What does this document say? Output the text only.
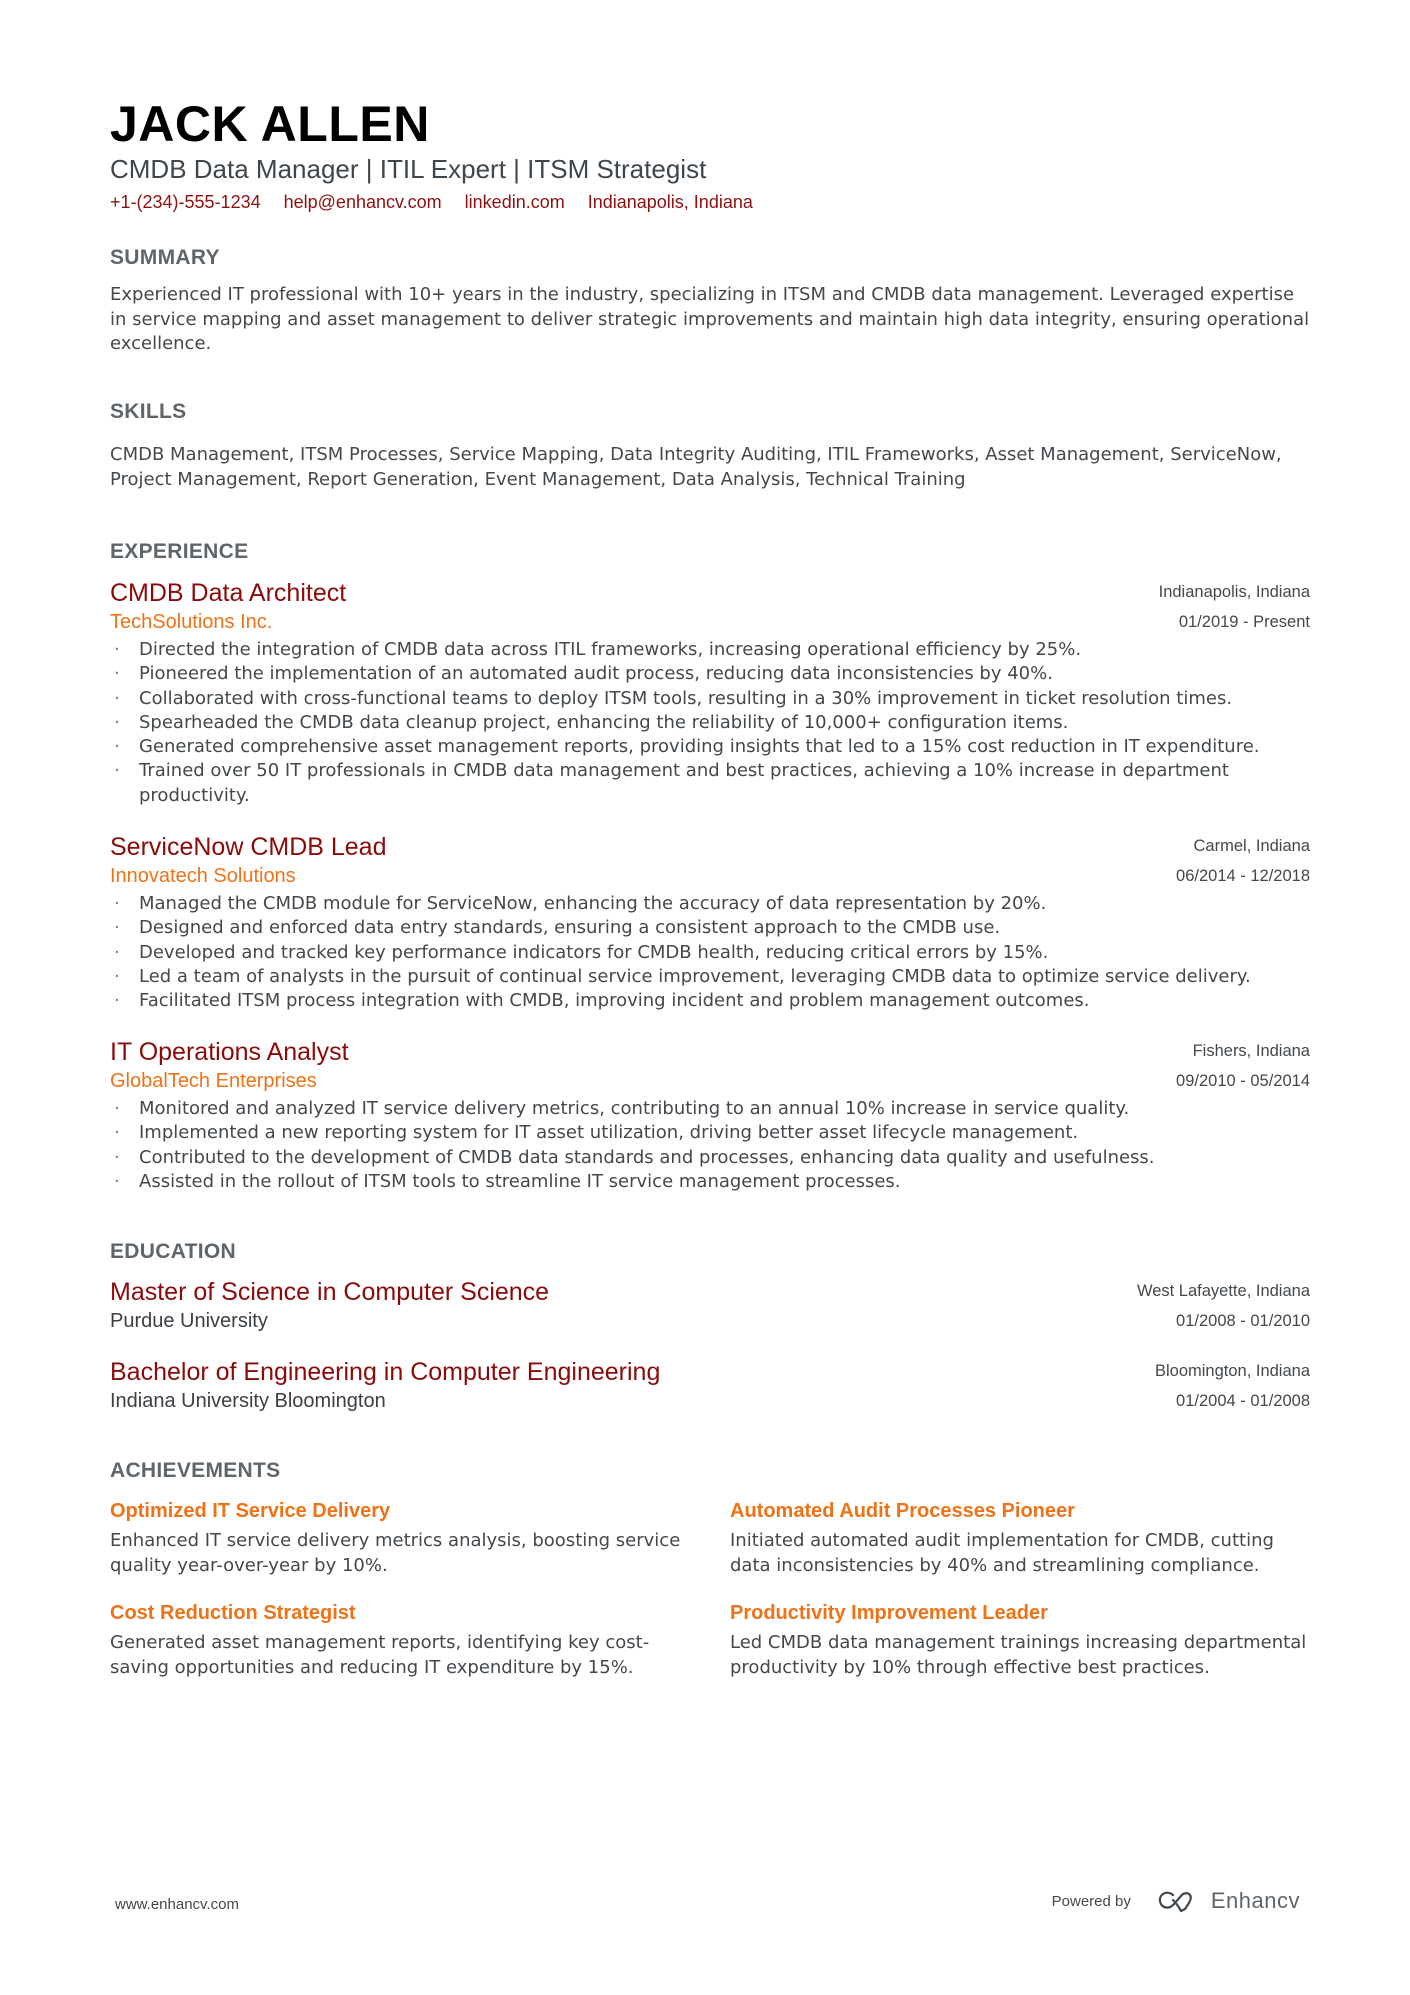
JACK ALLEN
CMDB Data Manager | ITIL Expert | ITSM Strategist
+1-(234)-555-1234 help@enhancv.com linkedin.com Indianapolis, Indiana
SUMMARY
Experienced IT professional with 10+ years in the industry, specializing in ITSM and CMDB data management. Leveraged expertise in service mapping and asset management to deliver strategic improvements and maintain high data integrity, ensuring operational excellence.
SKILLS
CMDB Management, ITSM Processes, Service Mapping, Data Integrity Auditing, ITIL Frameworks, Asset Management, ServiceNow, Project Management, Report Generation, Event Management, Data Analysis, Technical Training
EXPERIENCE
CMDB Data Architect
TechSolutions Inc.
Indianapolis, Indiana
01/2019 - Present
· Directed the integration of CMDB data across ITIL frameworks, increasing operational efficiency by 25%.
· Pioneered the implementation of an automated audit process, reducing data inconsistencies by 40%.
· Collaborated with cross-functional teams to deploy ITSM tools, resulting in a 30% improvement in ticket resolution times.
· Spearheaded the CMDB data cleanup project, enhancing the reliability of 10,000+ configuration items.
· Generated comprehensive asset management reports, providing insights that led to a 15% cost reduction in IT expenditure.
· Trained over 50 IT professionals in CMDB data management and best practices, achieving a 10% increase in department productivity.
ServiceNow CMDB Lead
Innovatech Solutions
Carmel, Indiana
06/2014 - 12/2018
· Managed the CMDB module for ServiceNow, enhancing the accuracy of data representation by 20%.
· Designed and enforced data entry standards, ensuring a consistent approach to the CMDB use.
· Developed and tracked key performance indicators for CMDB health, reducing critical errors by 15%.
· Led a team of analysts in the pursuit of continual service improvement, leveraging CMDB data to optimize service delivery.
· Facilitated ITSM process integration with CMDB, improving incident and problem management outcomes.
IT Operations Analyst
GlobalTech Enterprises
Fishers, Indiana
09/2010 - 05/2014
· Monitored and analyzed IT service delivery metrics, contributing to an annual 10% increase in service quality.
· Implemented a new reporting system for IT asset utilization, driving better asset lifecycle management.
· Contributed to the development of CMDB data standards and processes, enhancing data quality and usefulness.
· Assisted in the rollout of ITSM tools to streamline IT service management processes.
EDUCATION
Master of Science in Computer Science
Purdue University
West Lafayette, Indiana
01/2008 - 01/2010
Bachelor of Engineering in Computer Engineering
Indiana University Bloomington
Bloomington, Indiana
01/2004 - 01/2008
ACHIEVEMENTS
Optimized IT Service Delivery
Enhanced IT service delivery metrics analysis, boosting service quality year-over-year by 10%.
Automated Audit Processes Pioneer
Initiated automated audit implementation for CMDB, cutting data inconsistencies by 40% and streamlining compliance.
Cost Reduction Strategist
Generated asset management reports, identifying key cost-saving opportunities and reducing IT expenditure by 15%.
Productivity Improvement Leader
Led CMDB data management trainings increasing departmental productivity by 10% through effective best practices.
www.enhancv.com	Powered by	Enhancv
